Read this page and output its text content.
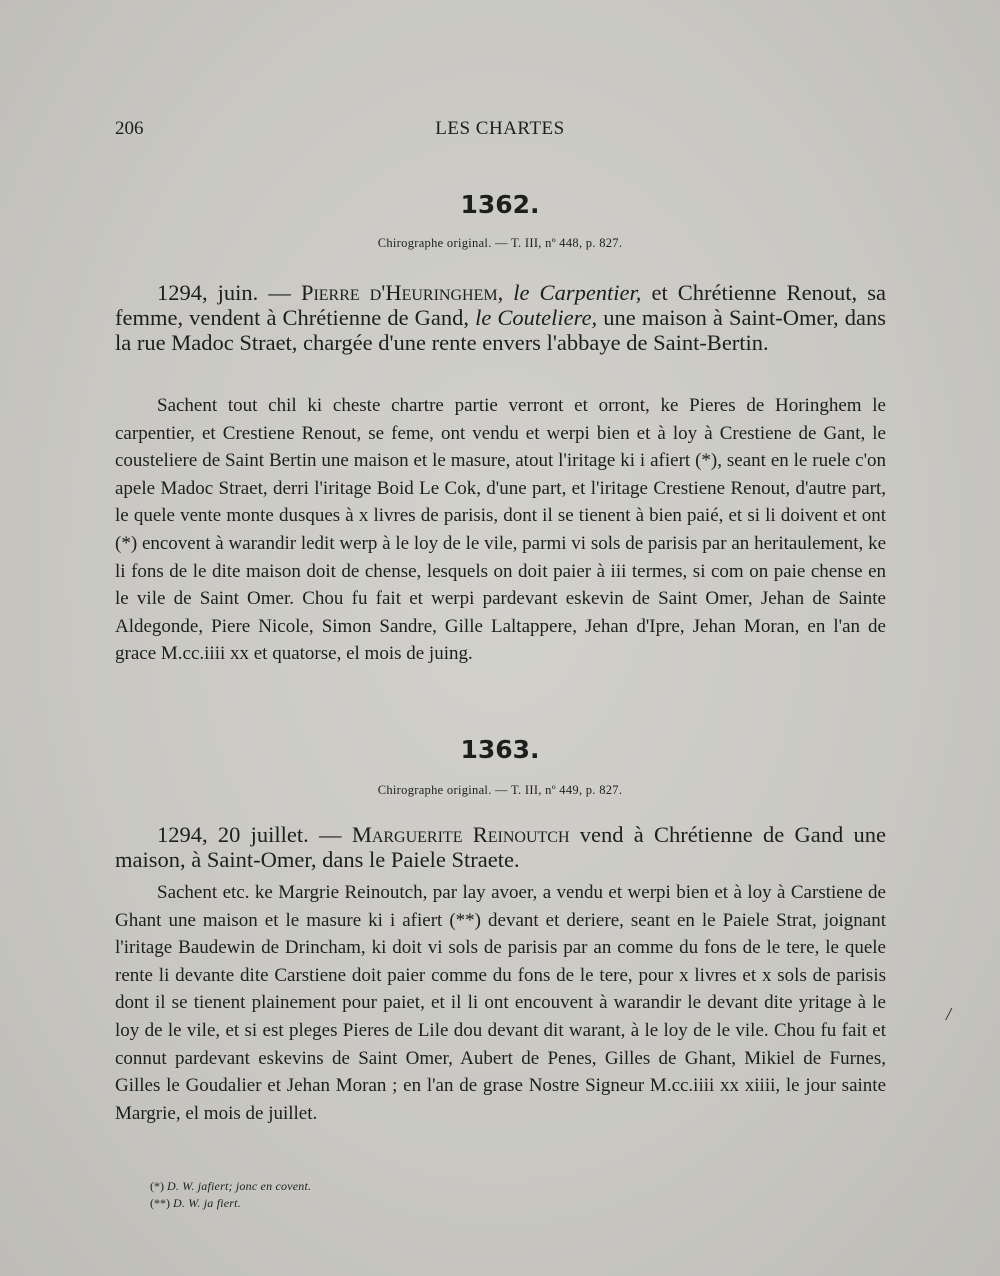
206	LES CHARTES
1362.
Chirographe original. — T. III, nº 448, p. 827.
1294, juin. — Pierre d'Heuringhem, le Carpentier, et Chrétienne Renout, sa femme, vendent à Chrétienne de Gand, le Couteliere, une maison à Saint-Omer, dans la rue Madoc Straet, chargée d'une rente envers l'abbaye de Saint-Bertin.
Sachent tout chil ki cheste chartre partie verront et orront, ke Pieres de Horinghem le carpentier, et Crestiene Renout, se feme, ont vendu et werpi bien et à loy à Crestiene de Gant, le cousteliere de Saint Bertin une maison et le masure, atout l'iritage ki i afiert (*), seant en le ruele c'on apele Madoc Straet, derri l'iritage Boid Le Cok, d'une part, et l'iritage Crestiene Renout, d'autre part, le quele vente monte dusques à x livres de parisis, dont il se tienent à bien paié, et si li doivent et ont (*) encovent à warandir ledit werp à le loy de le vile, parmi vi sols de parisis par an heritaulement, ke li fons de le dite maison doit de chense, lesquels on doit paier à iii termes, si com on paie chense en le vile de Saint Omer. Chou fu fait et werpi pardevant eskevin de Saint Omer, Jehan de Sainte Aldegonde, Piere Nicole, Simon Sandre, Gille Laltappere, Jehan d'Ipre, Jehan Moran, en l'an de grace M.cc.iiii xx et quatorse, el mois de juing.
1363.
Chirographe original. — T. III, nº 449, p. 827.
1294, 20 juillet. — Marguerite Reinoutch vend à Chrétienne de Gand une maison, à Saint-Omer, dans le Paiele Straete.
Sachent etc. ke Margrie Reinoutch, par lay avoer, a vendu et werpi bien et à loy à Carstiene de Ghant une maison et le masure ki i afiert (**) devant et deriere, seant en le Paiele Strat, joignant l'iritage Baudewin de Drincham, ki doit vi sols de parisis par an comme du fons de le tere, le quele rente li devante dite Carstiene doit paier comme du fons de le tere, pour x livres et x sols de parisis dont il se tienent plainement pour paiet, et il li ont encouvent à warandir le devant dite yritage à le loy de le vile, et si est pleges Pieres de Lile dou devant dit warant, à le loy de le vile. Chou fu fait et connut pardevant eskevins de Saint Omer, Aubert de Penes, Gilles de Ghant, Mikiel de Furnes, Gilles le Goudalier et Jehan Moran ; en l'an de grase Nostre Signeur M.cc.iiii xx xiiii, le jour sainte Margrie, el mois de juillet.
/
(*) D. W. jafiert; jonc en covent.
(**) D. W. ja fiert.
